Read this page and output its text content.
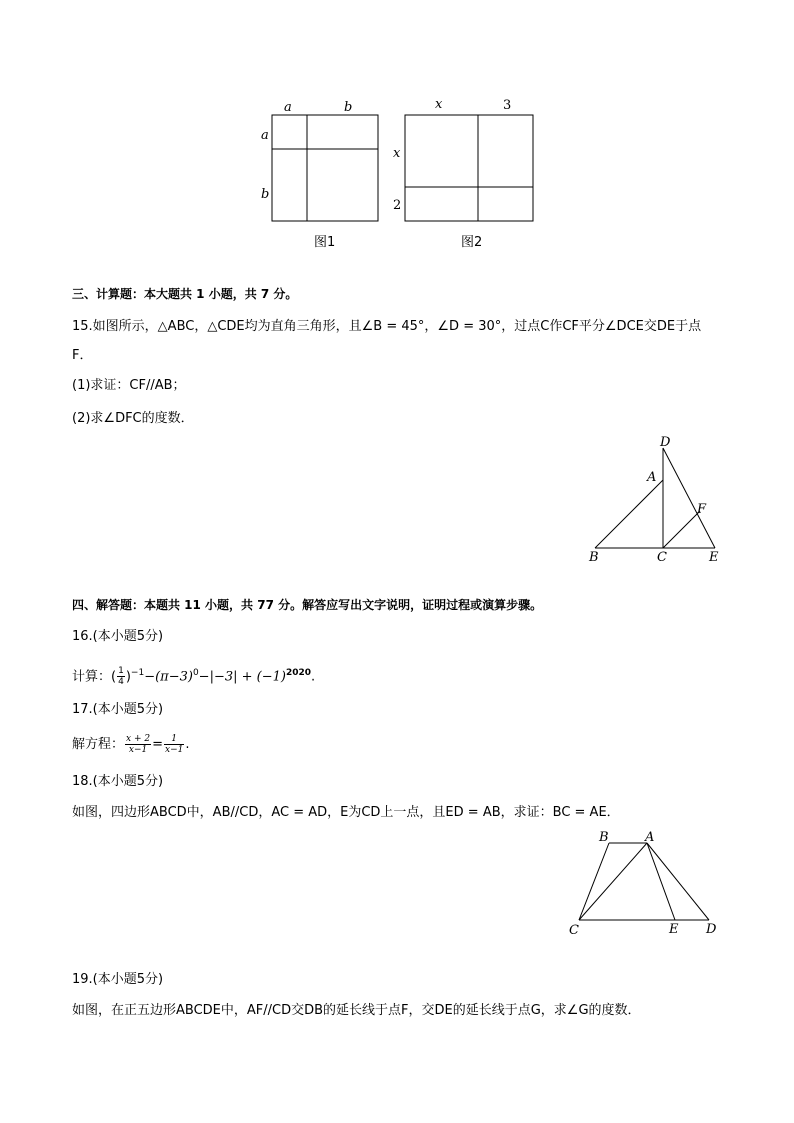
a	b
a
b
x	3
x
2
图1	图2
三、计算题：本大题共 1 小题，共 7 分。
15.如图所示，△ABC，△CDE均为直角三角形，且∠B = 45°，∠D = 30°，过点C作CF平分∠DCE交DE于点
F．
(1)求证：CF//AB；
(2)求∠DFC的度数．
D
A
F
B	C	E
四、解答题：本题共 11 小题，共 77 分。解答应写出文字说明，证明过程或演算步骤。
16.(本小题5分)
计算：( $\frac{1}{4} )^{-1}-(\pi-3)^0-|-3| + (-1)^{2020}$.
17.(本小题5分)
解方程： $\frac{x + 2}{x-1} = \frac{1}{x-1}$ .
18.(本小题5分)
如图，四边形ABCD中，AB//CD，AC = AD，E为CD上一点，且ED = AB，求证：BC = AE．
B	A
C	E D
19.(本小题5分)
如图，在正五边形ABCDE中，AF//CD交DB的延长线于点F，交DE的延长线于点G，求∠G的度数．
